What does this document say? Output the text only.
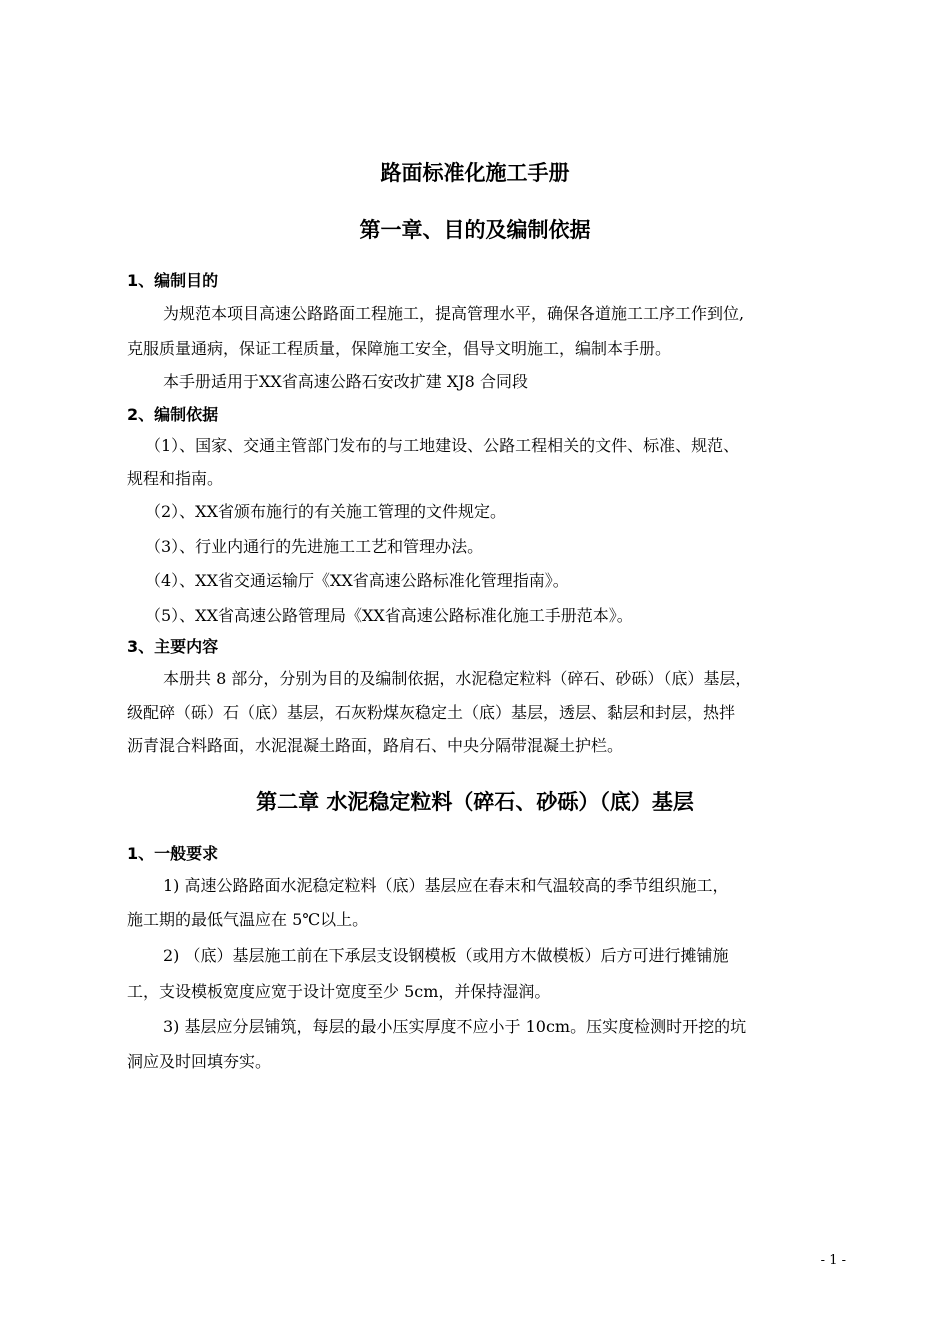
路面标准化施工手册
第一章、目的及编制依据
1、编制目的
为规范本项目高速公路路面工程施工，提高管理水平，确保各道施工工序工作到位,
克服质量通病，保证工程质量，保障施工安全，倡导文明施工，编制本手册。
本手册适用于XX省高速公路石安改扩建 XJ8 合同段
2、编制依据
（1）、国家、交通主管部门发布的与工地建设、公路工程相关的文件、标准、规范、
规程和指南。
（2）、XX省颁布施行的有关施工管理的文件规定。
（3）、行业内通行的先进施工工艺和管理办法。
（4）、XX省交通运输厅《XX省高速公路标准化管理指南》。
（5）、XX省高速公路管理局《XX省高速公路标准化施工手册范本》。
3、主要内容
本册共 8 部分，分别为目的及编制依据，水泥稳定粒料（碎石、砂砾）（底）基层，
级配碎（砾）石（底）基层，石灰粉煤灰稳定土（底）基层，透层、黏层和封层，热拌
沥青混合料路面，水泥混凝土路面，路肩石、中央分隔带混凝土护栏。
第二章 水泥稳定粒料（碎石、砂砾）（底）基层
1、一般要求
1) 高速公路路面水泥稳定粒料（底）基层应在春末和气温较高的季节组织施工，
施工期的最低气温应在 5℃以上。
2) （底）基层施工前在下承层支设钢模板（或用方木做模板）后方可进行摊铺施
工，支设模板宽度应宽于设计宽度至少 5cm，并保持湿润。
3) 基层应分层铺筑，每层的最小压实厚度不应小于 10cm。压实度检测时开挖的坑
洞应及时回填夯实。
- 1 -
